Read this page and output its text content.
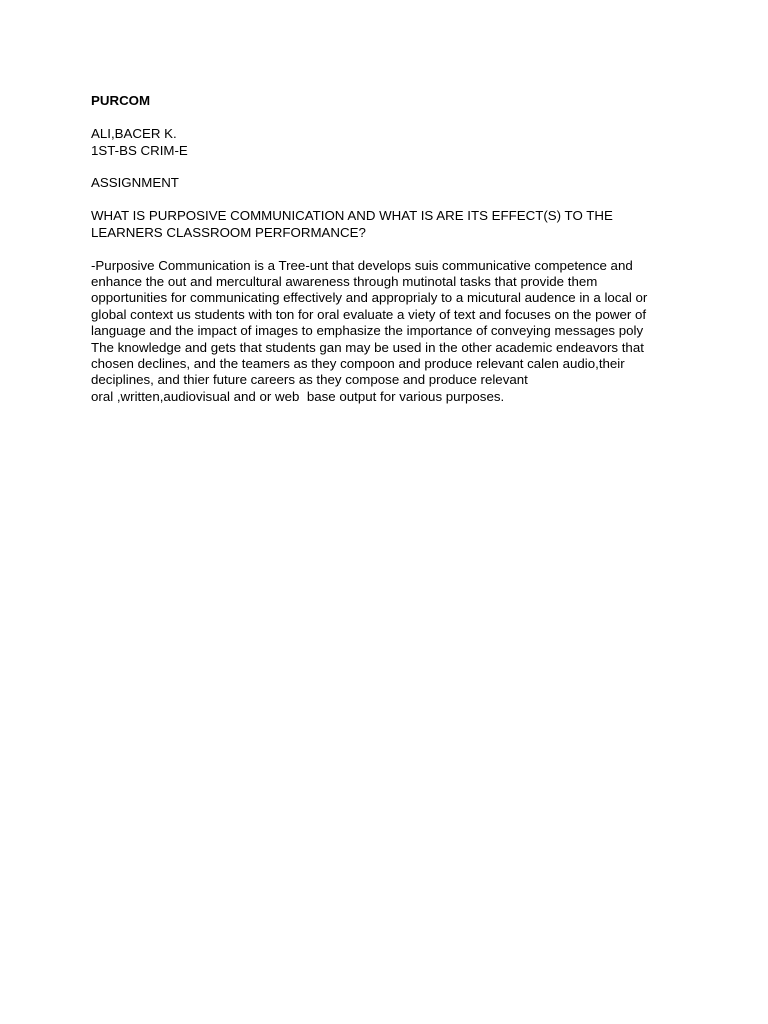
PURCOM
ALI,BACER K.
1ST-BS CRIM-E
ASSIGNMENT
WHAT IS PURPOSIVE COMMUNICATION AND WHAT IS ARE ITS EFFECT(S) TO THE
LEARNERS CLASSROOM PERFORMANCE?
-Purposive Communication is a Tree-unt that develops suis communicative competence and
enhance the out and mercultural awareness through mutinotal tasks that provide them
opportunities for communicating effectively and approprialy to a micutural audence in a local or
global context us students with ton for oral evaluate a viety of text and focuses on the power of
language and the impact of images to emphasize the importance of conveying messages poly
The knowledge and gets that students gan may be used in the other academic endeavors that
chosen declines, and the teamers as they compoon and produce relevant calen audio,their
deciplines, and thier future careers as they compose and produce relevant
oral ,written,audiovisual and or web  base output for various purposes.
